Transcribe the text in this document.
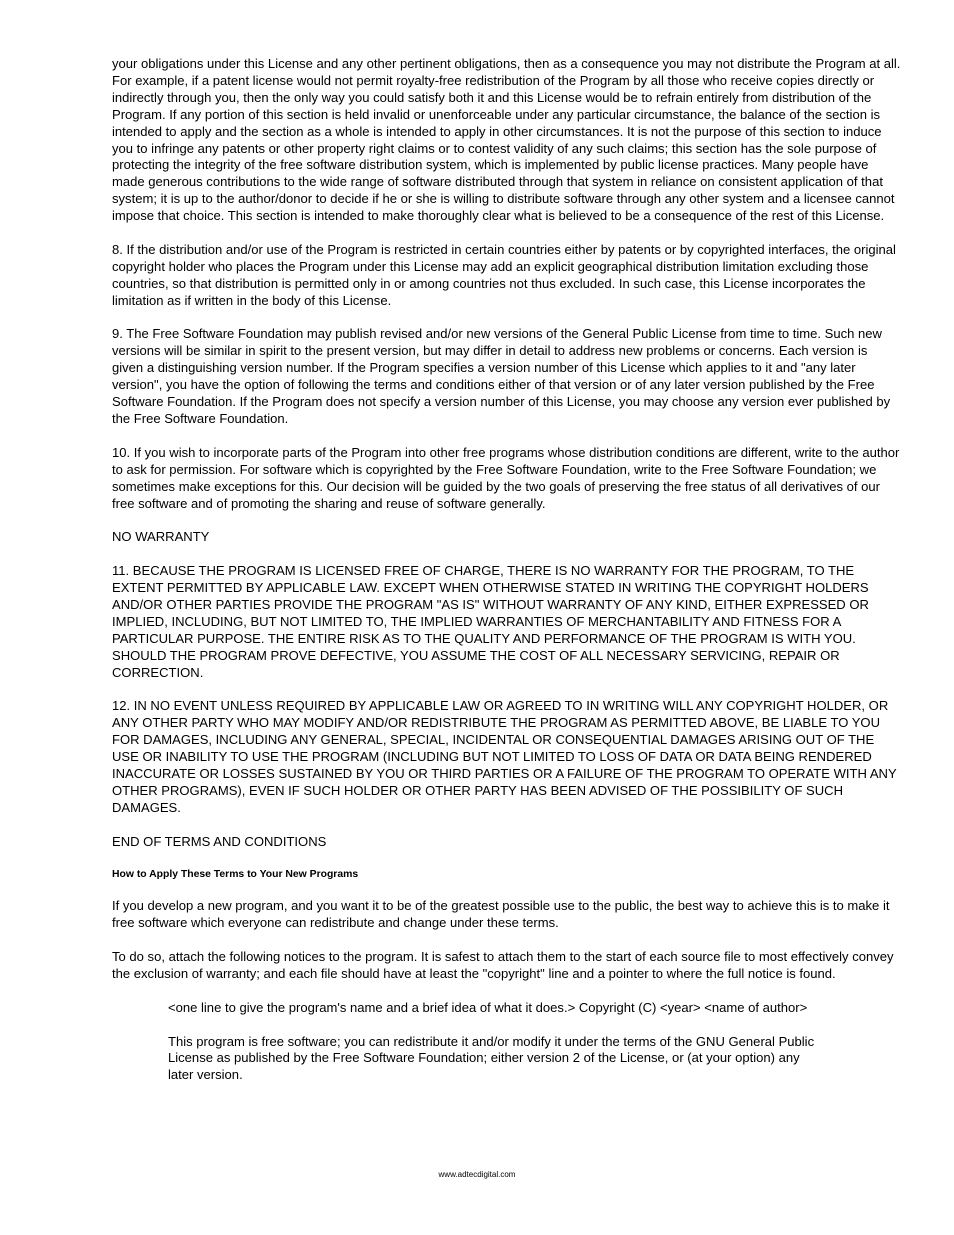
your obligations under this License and any other pertinent obligations, then as a consequence you may not distribute the Program at all. For example, if a patent license would not permit royalty-free redistribution of the Program by all those who receive copies directly or indirectly through you, then the only way you could satisfy both it and this License would be to refrain entirely from distribution of the Program. If any portion of this section is held invalid or unenforceable under any particular circumstance, the balance of the section is intended to apply and the section as a whole is intended to apply in other circumstances. It is not the purpose of this section to induce you to infringe any patents or other property right claims or to contest validity of any such claims; this section has the sole purpose of protecting the integrity of the free software distribution system, which is implemented by public license practices. Many people have made generous contributions to the wide range of software distributed through that system in reliance on consistent application of that system; it is up to the author/donor to decide if he or she is willing to distribute software through any other system and a licensee cannot impose that choice. This section is intended to make thoroughly clear what is believed to be a consequence of the rest of this License.

8. If the distribution and/or use of the Program is restricted in certain countries either by patents or by copyrighted interfaces, the original copyright holder who places the Program under this License may add an explicit geographical distribution limitation excluding those countries, so that distribution is permitted only in or among countries not thus excluded. In such case, this License incorporates the limitation as if written in the body of this License.

9. The Free Software Foundation may publish revised and/or new versions of the General Public License from time to time. Such new versions will be similar in spirit to the present version, but may differ in detail to address new problems or concerns. Each version is given a distinguishing version number. If the Program specifies a version number of this License which applies to it and "any later version", you have the option of following the terms and conditions either of that version or of any later version published by the Free Software Foundation. If the Program does not specify a version number of this License, you may choose any version ever published by the Free Software Foundation.

10. If you wish to incorporate parts of the Program into other free programs whose distribution conditions are different, write to the author to ask for permission. For software which is copyrighted by the Free Software Foundation, write to the Free Software Foundation; we sometimes make exceptions for this. Our decision will be guided by the two goals of preserving the free status of all derivatives of our free software and of promoting the sharing and reuse of software generally.

NO WARRANTY

11. BECAUSE THE PROGRAM IS LICENSED FREE OF CHARGE, THERE IS NO WARRANTY FOR THE PROGRAM, TO THE EXTENT PERMITTED BY APPLICABLE LAW. EXCEPT WHEN OTHERWISE STATED IN WRITING THE COPYRIGHT HOLDERS AND/OR OTHER PARTIES PROVIDE THE PROGRAM "AS IS" WITHOUT WARRANTY OF ANY KIND, EITHER EXPRESSED OR IMPLIED, INCLUDING, BUT NOT LIMITED TO, THE IMPLIED WARRANTIES OF MERCHANTABILITY AND FITNESS FOR A PARTICULAR PURPOSE. THE ENTIRE RISK AS TO THE QUALITY AND PERFORMANCE OF THE PROGRAM IS WITH YOU. SHOULD THE PROGRAM PROVE DEFECTIVE, YOU ASSUME THE COST OF ALL NECESSARY SERVICING, REPAIR OR CORRECTION.

12. IN NO EVENT UNLESS REQUIRED BY APPLICABLE LAW OR AGREED TO IN WRITING WILL ANY COPYRIGHT HOLDER, OR ANY OTHER PARTY WHO MAY MODIFY AND/OR REDISTRIBUTE THE PROGRAM AS PERMITTED ABOVE, BE LIABLE TO YOU FOR DAMAGES, INCLUDING ANY GENERAL, SPECIAL, INCIDENTAL OR CONSEQUENTIAL DAMAGES ARISING OUT OF THE USE OR INABILITY TO USE THE PROGRAM (INCLUDING BUT NOT LIMITED TO LOSS OF DATA OR DATA BEING RENDERED INACCURATE OR LOSSES SUSTAINED BY YOU OR THIRD PARTIES OR A FAILURE OF THE PROGRAM TO OPERATE WITH ANY OTHER PROGRAMS), EVEN IF SUCH HOLDER OR OTHER PARTY HAS BEEN ADVISED OF THE POSSIBILITY OF SUCH DAMAGES.

END OF TERMS AND CONDITIONS

How to Apply These Terms to Your New Programs

If you develop a new program, and you want it to be of the greatest possible use to the public, the best way to achieve this is to make it free software which everyone can redistribute and change under these terms.

To do so, attach the following notices to the program. It is safest to attach them to the start of each source file to most effectively convey the exclusion of warranty; and each file should have at least the "copyright" line and a pointer to where the full notice is found.

<one line to give the program's name and a brief idea of what it does.> Copyright (C) <year> <name of author>

This program is free software; you can redistribute it and/or modify it under the terms of the GNU General Public License as published by the Free Software Foundation; either version 2 of the License, or (at your option) any later version.

www.adtecdigital.com
